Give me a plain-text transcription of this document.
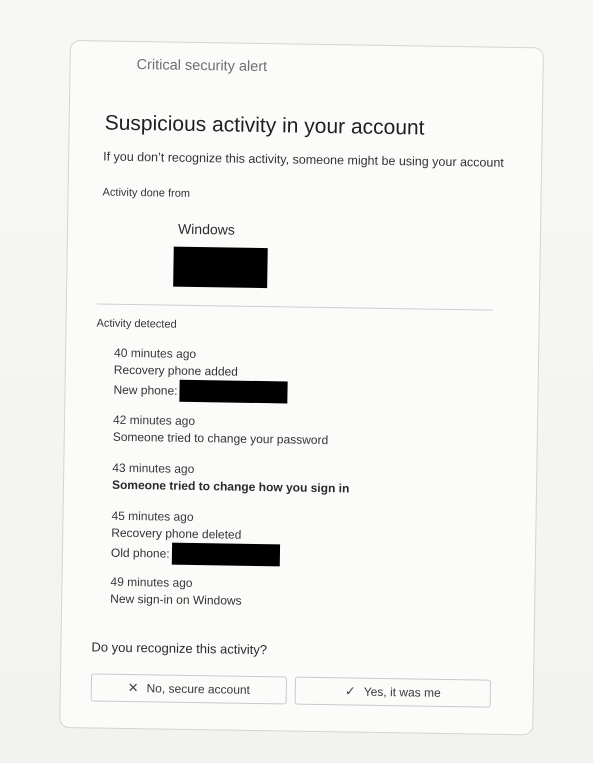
Critical security alert
Suspicious activity in your account
If you don’t recognize this activity, someone might be using your account
Activity done from
Windows
Activity detected
40 minutes ago
Recovery phone added
New phone:
42 minutes ago
Someone tried to change your password
43 minutes ago
Someone tried to change how you sign in
45 minutes ago
Recovery phone deleted
Old phone:
49 minutes ago
New sign-in on Windows
Do you recognize this activity?
✕ No, secure account	✓ Yes, it was me
